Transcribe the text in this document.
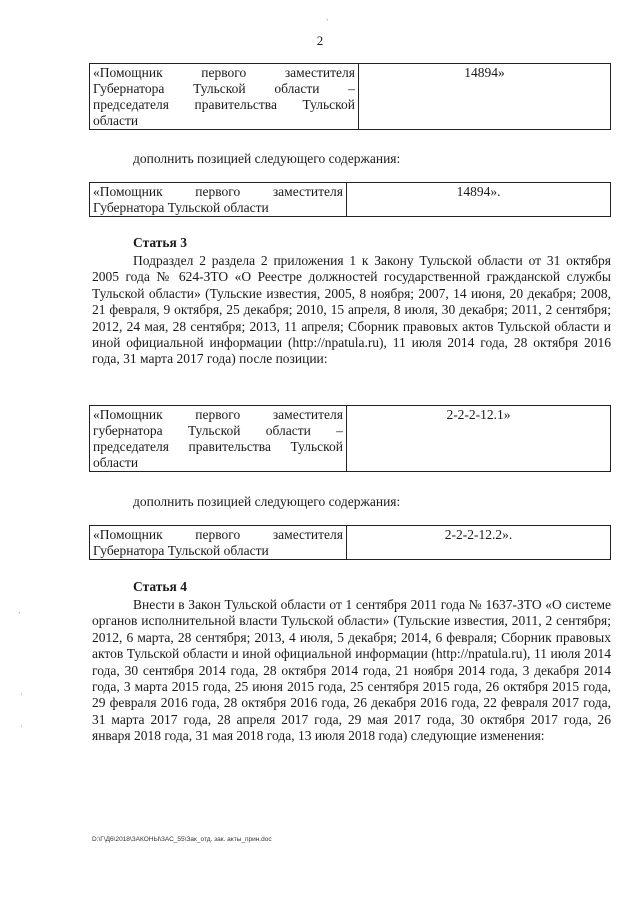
ˋ
2
«Помощник первого заместителя Губернатора Тульской области – председателя правительства Тульской области	14894»
дополнить позицией следующего содержания:
«Помощник первого заместителя Губернатора Тульской области	14894».
Статья 3
Подраздел 2 раздела 2 приложения 1 к Закону Тульской области от 31 октября 2005 года № 624-ЗТО «О Реестре должностей государственной гражданской службы Тульской области» (Тульские известия, 2005, 8 ноября; 2007, 14 июня, 20 декабря; 2008, 21 февраля, 9 октября, 25 декабря; 2010, 15 апреля, 8 июля, 30 декабря; 2011, 2 сентября; 2012, 24 мая, 28 сентября; 2013, 11 апреля; Сборник правовых актов Тульской области и иной официальной информации (http://npatula.ru), 11 июля 2014 года, 28 октября 2016 года, 31 марта 2017 года) после позиции:
«Помощник первого заместителя губернатора Тульской области – председателя правительства Тульской области	2-2-2-12.1»
дополнить позицией следующего содержания:
«Помощник первого заместителя Губернатора Тульской области	2-2-2-12.2».
Статья 4
Внести в Закон Тульской области от 1 сентября 2011 года № 1637-ЗТО «О системе органов исполнительной власти Тульской области» (Тульские известия, 2011, 2 сентября; 2012, 6 марта, 28 сентября; 2013, 4 июля, 5 декабря; 2014, 6 февраля; Сборник правовых актов Тульской области и иной официальной информации (http://npatula.ru), 11 июля 2014 года, 30 сентября 2014 года, 28 октября 2014 года, 21 ноября 2014 года, 3 декабря 2014 года, 3 марта 2015 года, 25 июня 2015 года, 25 сентября 2015 года, 26 октября 2015 года, 29 февраля 2016 года, 28 октября 2016 года, 26 декабря 2016 года, 22 февраля 2017 года, 31 марта 2017 года, 28 апреля 2017 года, 29 мая 2017 года, 30 октября 2017 года, 26 января 2018 года, 31 мая 2018 года, 13 июля 2018 года) следующие изменения:
ˋ
·
·
D:\Г\Д6\2018\ЗАКОНЫ\ЗАС_55\Зак_отд. зак. акты_прин.doc
